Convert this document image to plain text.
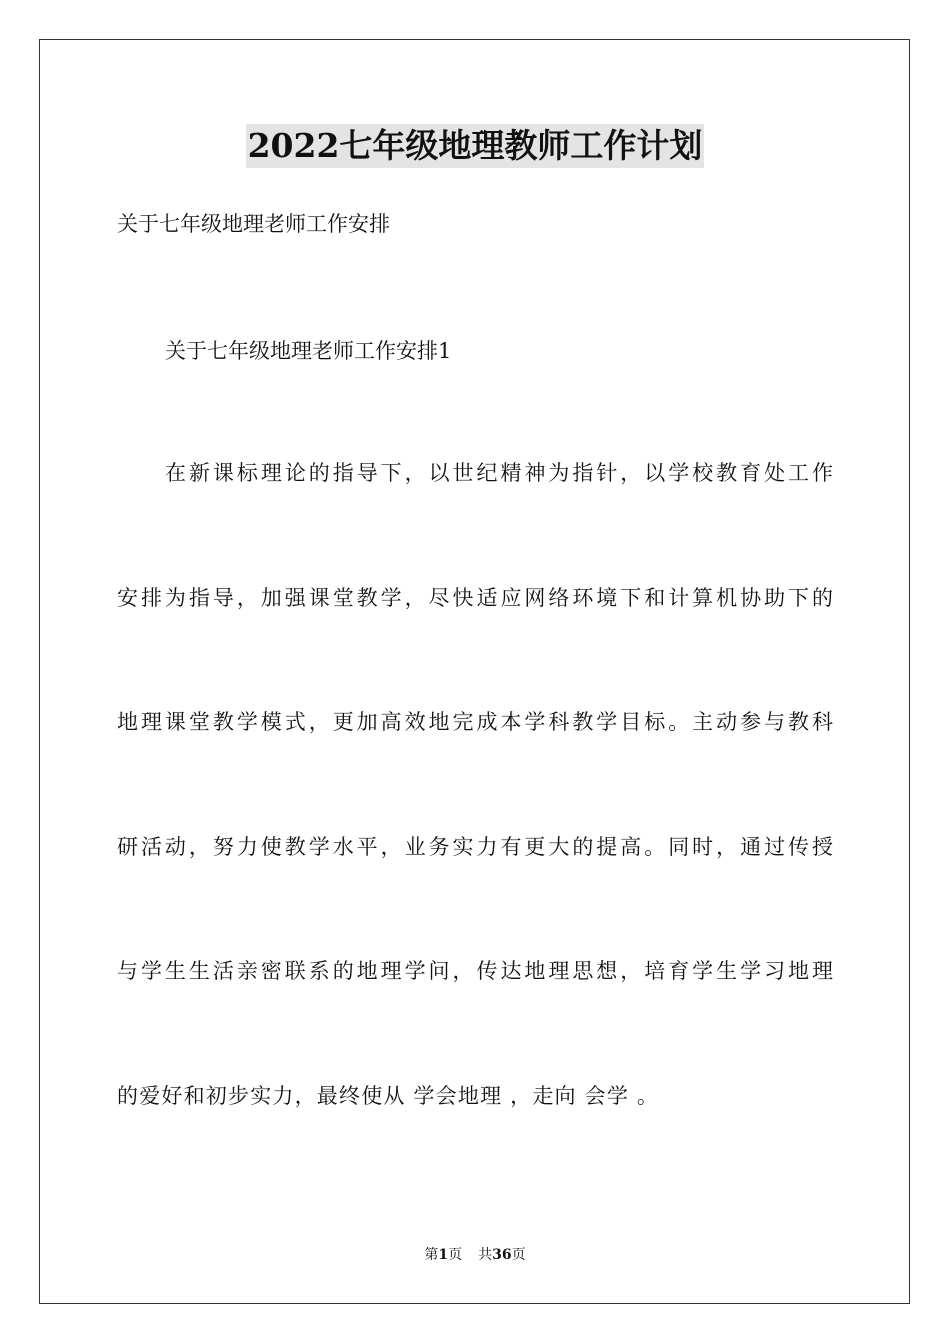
2022七年级地理教师工作计划
关于七年级地理老师工作安排
关于七年级地理老师工作安排1
在新课标理论的指导下，以世纪精神为指针，以学校教育处工作
安排为指导，加强课堂教学，尽快适应网络环境下和计算机协助下的
地理课堂教学模式，更加高效地完成本学科教学目标。主动参与教科
研活动，努力使教学水平，业务实力有更大的提高。同时，通过传授
与学生生活亲密联系的地理学问，传达地理思想，培育学生学习地理
的爱好和初步实力，最终使从 学会地理 ，走向 会学 。
第1页 共36页
